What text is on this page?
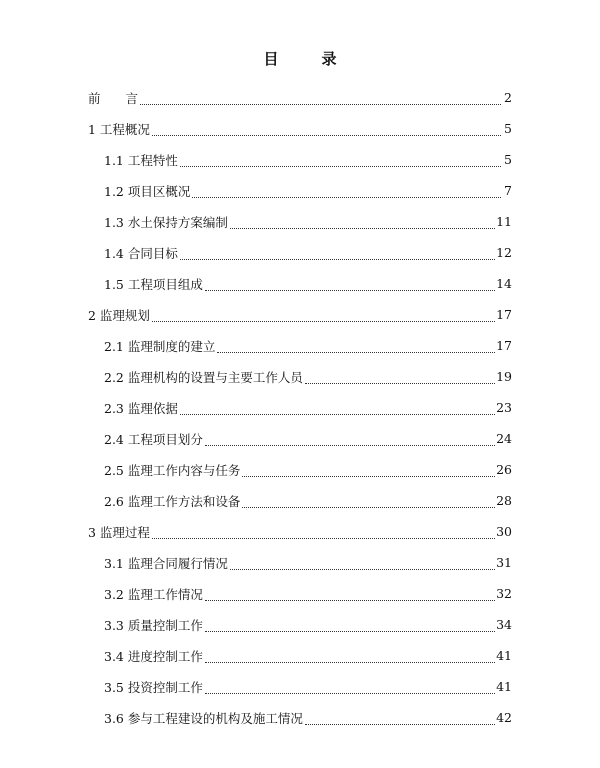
目　录
前　　言	2
1 工程概况	5
1.1 工程特性	5
1.2 项目区概况	7
1.3 水土保持方案编制	11
1.4 合同目标	12
1.5 工程项目组成	14
2 监理规划	17
2.1 监理制度的建立	17
2.2 监理机构的设置与主要工作人员	19
2.3 监理依据	23
2.4 工程项目划分	24
2.5 监理工作内容与任务	26
2.6 监理工作方法和设备	28
3 监理过程	30
3.1 监理合同履行情况	31
3.2 监理工作情况	32
3.3 质量控制工作	34
3.4 进度控制工作	41
3.5 投资控制工作	41
3.6 参与工程建设的机构及施工情况	42
